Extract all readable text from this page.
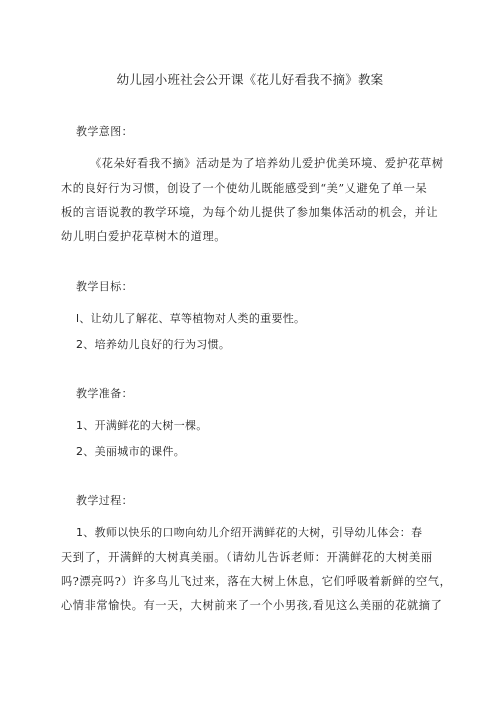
幼儿园小班社会公开课《花儿好看我不摘》教案
教学意图：
《花朵好看我不摘》活动是为了培养幼儿爱护优美环境、爱护花草树
木的良好行为习惯，创设了一个使幼儿既能感受到“美”乂避免了单一呆
板的言语说教的教学环境，为每个幼儿提供了参加集体活动的机会，并让
幼儿明白爱护花草树木的道理。
教学目标：
l、让幼儿了解花、草等植物对人类的重要性。
2、培养幼儿良好的行为习惯。
教学准备：
1、开满鲜花的大树一棵。
2、美丽城市的课件。
教学过程：
1、教师以快乐的口吻向幼儿介绍开满鲜花的大树，引导幼儿体会：春
天到了，开满鲜的大树真美丽。（请幼儿告诉老师：开满鲜花的大树美丽
吗?漂亮吗?）许多鸟儿飞过来，落在大树上休息，它们呼吸着新鲜的空气，
心情非常愉快。有一天，大树前来了一个小男孩,看见这么美丽的花就摘了
